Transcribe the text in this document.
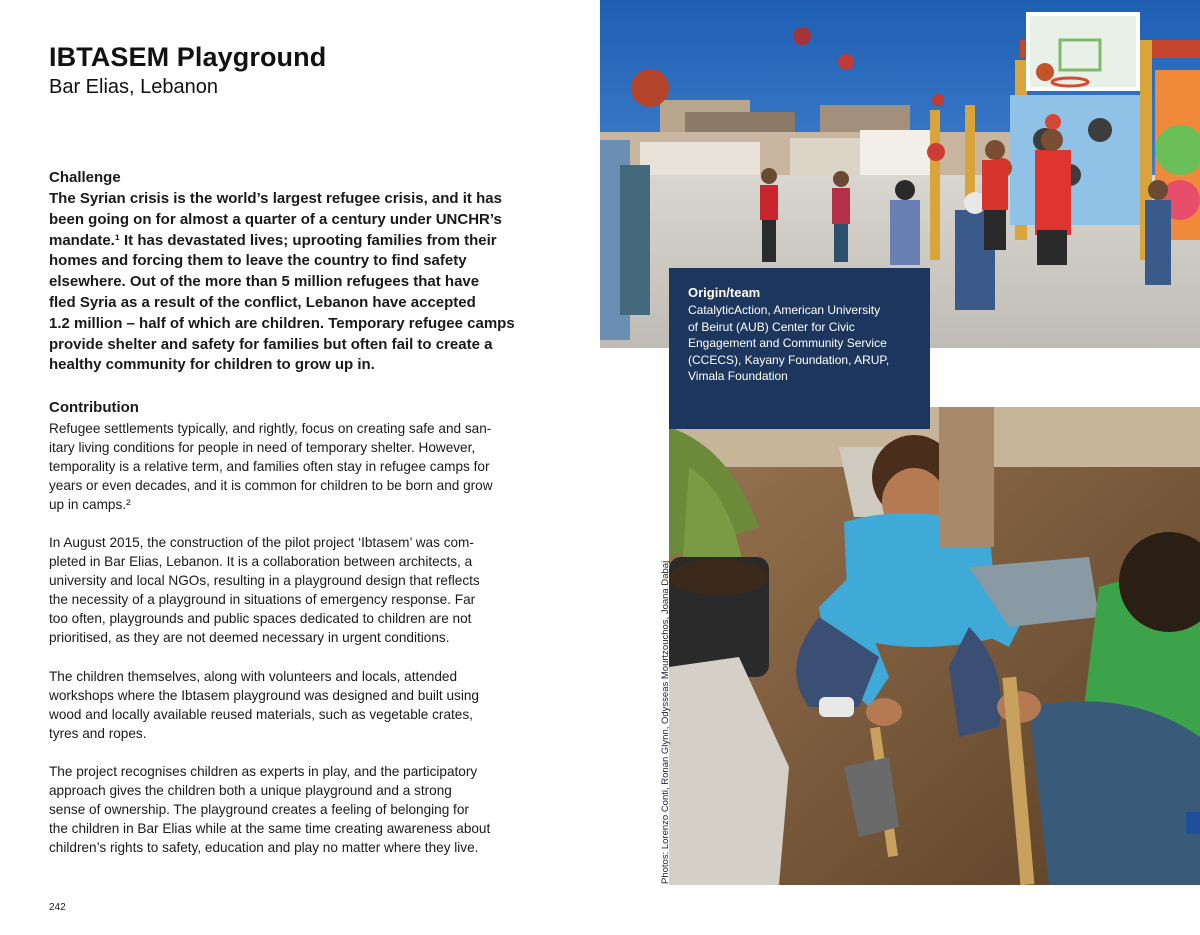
IBTASEM Playground
Bar Elias, Lebanon
Challenge
The Syrian crisis is the world’s largest refugee crisis, and it has
been going on for almost a quarter of a century under UNCHR’s
mandate.¹ It has devastated lives; uprooting families from their
homes and forcing them to leave the country to find safety
elsewhere. Out of the more than 5 million refugees that have
fled Syria as a result of the conflict, Lebanon have accepted
1.2 million – half of which are children. Temporary refugee camps
provide shelter and safety for families but often fail to create a
healthy community for children to grow up in.
Contribution
Refugee settlements typically, and rightly, focus on creating safe and san-
itary living conditions for people in need of temporary shelter. However,
temporality is a relative term, and families often stay in refugee camps for
years or even decades, and it is common for children to be born and grow
up in camps.²
In August 2015, the construction of the pilot project ‘Ibtasem’ was com-
pleted in Bar Elias, Lebanon. It is a collaboration between architects, a
university and local NGOs, resulting in a playground design that reflects
the necessity of a playground in situations of emergency response. Far
too often, playgrounds and public spaces dedicated to children are not
prioritised, as they are not deemed necessary in urgent conditions.
The children themselves, along with volunteers and locals, attended
workshops where the Ibtasem playground was designed and built using
wood and locally available reused materials, such as vegetable crates,
tyres and ropes.
The project recognises children as experts in play, and the participatory
approach gives the children both a unique playground and a strong
sense of ownership. The playground creates a feeling of belonging for
the children in Bar Elias while at the same time creating awareness about
children’s rights to safety, education and play no matter where they live.
242
Origin/team
CatalyticAction, American University
of Beirut (AUB) Center for Civic
Engagement and Community Service
(CCECS), Kayany Foundation, ARUP,
Vimala Foundation
Photos: Lorenzo Conti, Ronan Glynn, Odysseas Mourtzouchos, Joana Dabaj
